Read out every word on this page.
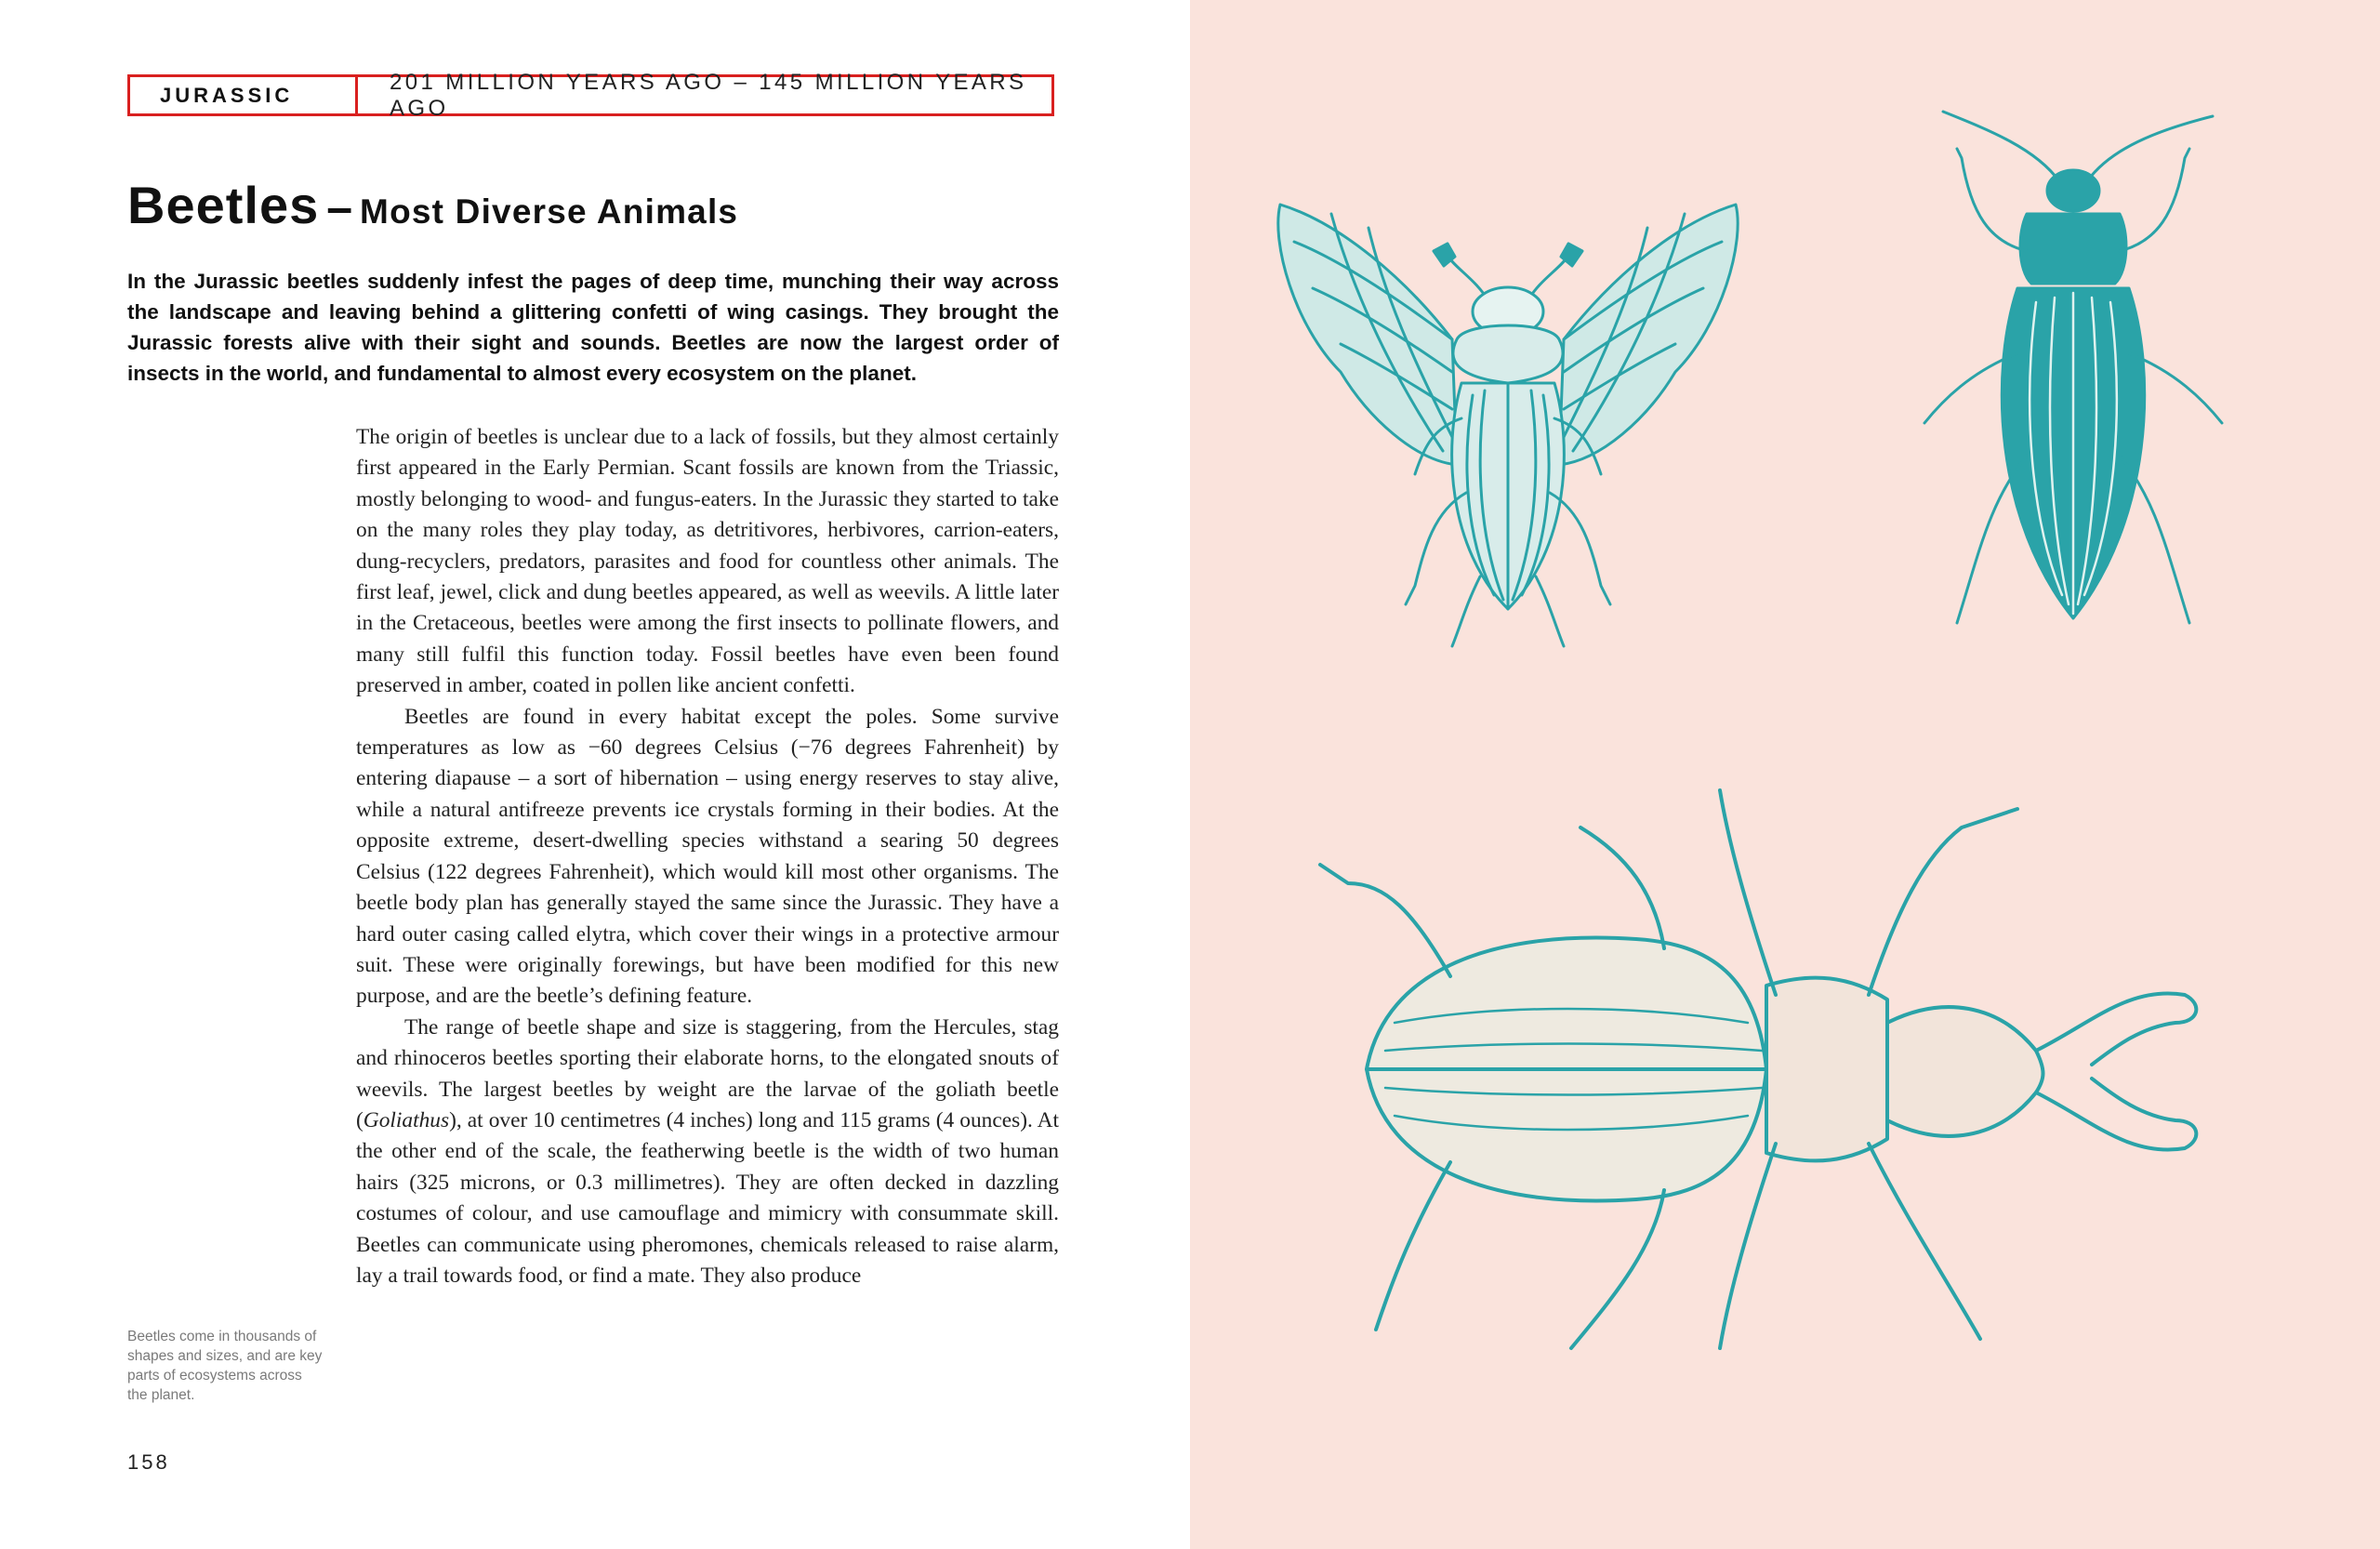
JURASSIC
201 MILLION YEARS AGO – 145 MILLION YEARS AGO
Beetles – Most Diverse Animals
In the Jurassic beetles suddenly infest the pages of deep time, munching their way across the landscape and leaving behind a glittering confetti of wing casings. They brought the Jurassic forests alive with their sight and sounds. Beetles are now the largest order of insects in the world, and fundamental to almost every ecosystem on the planet.

The origin of beetles is unclear due to a lack of fossils, but they almost certainly first appeared in the Early Permian. Scant fossils are known from the Triassic, mostly belonging to wood- and fungus-eaters. In the Jurassic they started to take on the many roles they play today, as detritivores, herbivores, carrion-eaters, dung-recyclers, predators, parasites and food for countless other animals. The first leaf, jewel, click and dung beetles appeared, as well as weevils. A little later in the Cretaceous, beetles were among the first insects to pollinate flowers, and many still fulfil this function today. Fossil beetles have even been found preserved in amber, coated in pollen like ancient confetti.

Beetles are found in every habitat except the poles. Some survive temperatures as low as −60 degrees Celsius (−76 degrees Fahrenheit) by entering diapause – a sort of hibernation – using energy reserves to stay alive, while a natural antifreeze prevents ice crystals forming in their bodies. At the opposite extreme, desert-dwelling species withstand a searing 50 degrees Celsius (122 degrees Fahrenheit), which would kill most other organisms. The beetle body plan has generally stayed the same since the Jurassic. They have a hard outer casing called elytra, which cover their wings in a protective armour suit. These were originally forewings, but have been modified for this new purpose, and are the beetle’s defining feature.

The range of beetle shape and size is staggering, from the Hercules, stag and rhinoceros beetles sporting their elaborate horns, to the elongated snouts of weevils. The largest beetles by weight are the larvae of the goliath beetle (Goliathus), at over 10 centimetres (4 inches) long and 115 grams (4 ounces). At the other end of the scale, the featherwing beetle is the width of two human hairs (325 microns, or 0.3 millimetres). They are often decked in dazzling costumes of colour, and use camouflage and mimicry with consummate skill. Beetles can communicate using pheromones, chemicals released to raise alarm, lay a trail towards food, or find a mate. They also produce

Beetles come in thousands of shapes and sizes, and are key parts of ecosystems across the planet.
158
